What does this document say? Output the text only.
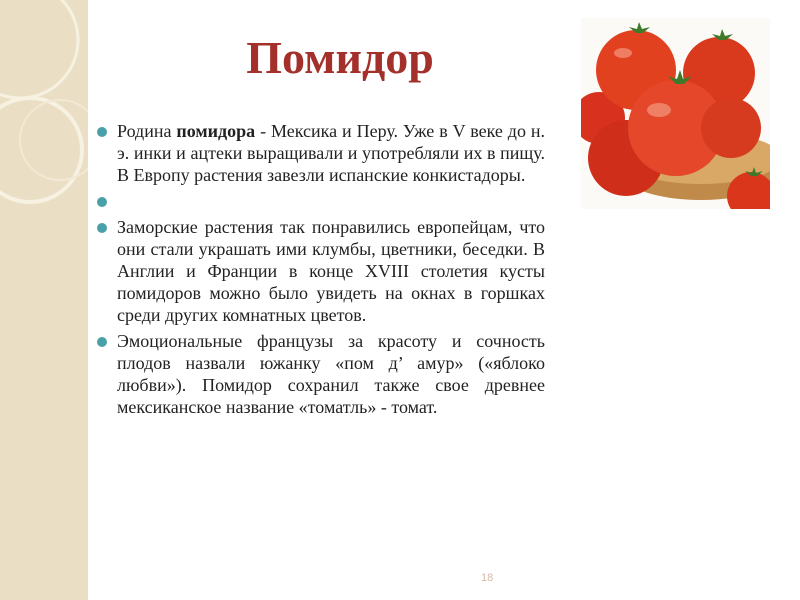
Помидор
Родина помидора - Мексика и Перу. Уже в V веке до н. э. инки и ацтеки выращивали и употребляли их в пищу. В Европу растения завезли испанские конкистадоры.
Заморские растения так понравились европейцам, что они стали украшать ими клумбы, цветники, беседки. В Англии и Франции в конце XVIII столетия кусты помидоров можно было увидеть на окнах в горшках среди других комнатных цветов.
Эмоциональные французы за красоту и сочность плодов назвали южанку «пом д’ амур» («яблоко любви»). Помидор сохранил также свое древнее мексиканское название «томатль» - томат.
18
